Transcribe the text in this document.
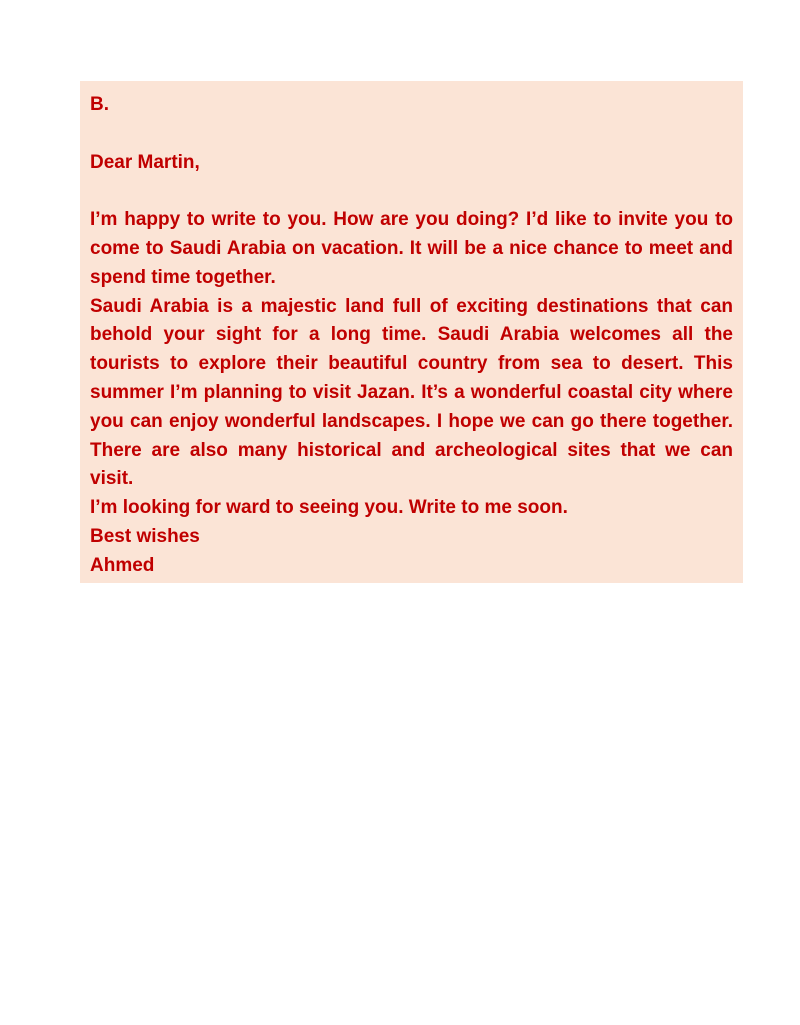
B.
Dear Martin,

I’m happy to write to you. How are you doing? I’d like to invite you to come to Saudi Arabia on vacation. It will be a nice chance to meet and spend time together.

Saudi Arabia is a majestic land full of exciting destinations that can behold your sight for a long time. Saudi Arabia welcomes all the tourists to explore their beautiful country from sea to desert. This summer I’m planning to visit Jazan. It’s a wonderful coastal city where you can enjoy wonderful landscapes. I hope we can go there together. There are also many historical and archeological sites that we can visit.

I’m looking for ward to seeing you. Write to me soon.
Best wishes
Ahmed
